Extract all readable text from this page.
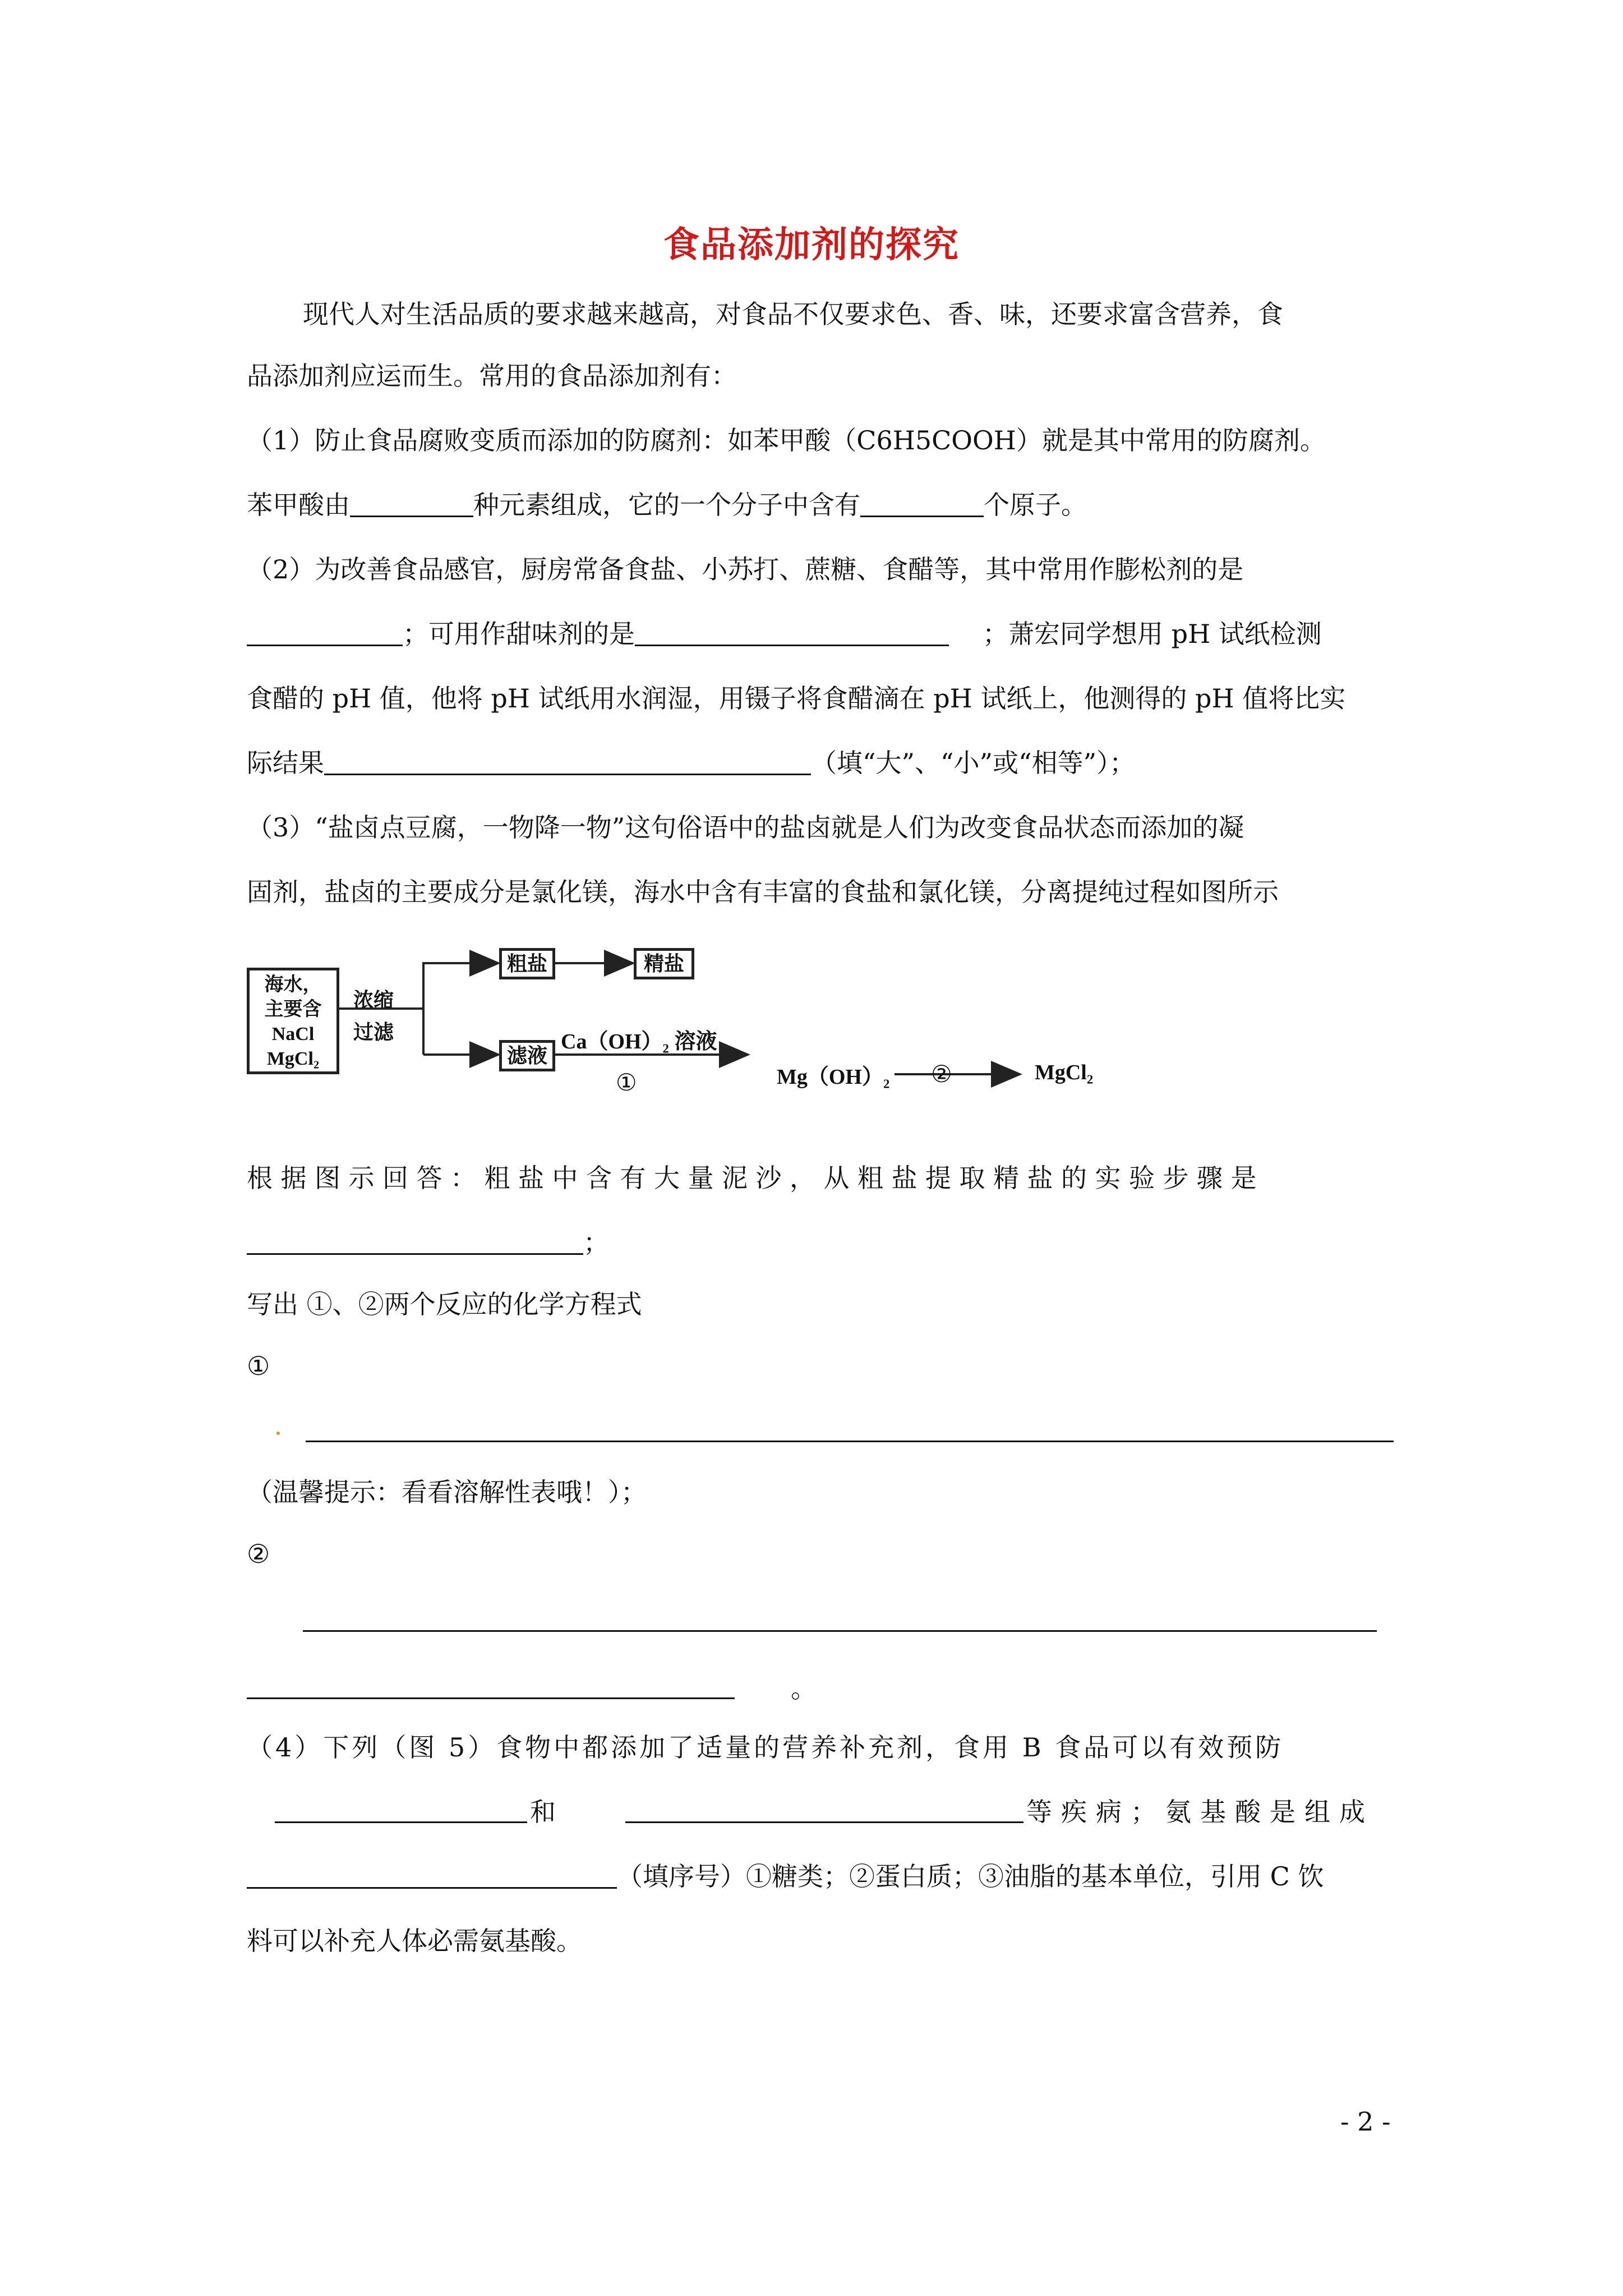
食品添加剂的探究
现代人对生活品质的要求越来越高，对食品不仅要求色、香、味，还要求富含营养，食
品添加剂应运而生。常用的食品添加剂有：
（1）防止食品腐败变质而添加的防腐剂：如苯甲酸（C6H5COOH）就是其中常用的防腐剂。
苯甲酸由	种元素组成，它的一个分子中含有	个原子。
（2）为改善食品感官，厨房常备食盐、小苏打、蔗糖、食醋等，其中常用作膨松剂的是
；可用作甜味剂的是	；萧宏同学想用 pH 试纸检测
食醋的 pH 值，他将 pH 试纸用水润湿，用镊子将食醋滴在 pH 试纸上，他测得的 pH 值将比实
际结果	（填“大”、“小”或“相等”）；
（3）“盐卤点豆腐，一物降一物”这句俗语中的盐卤就是人们为改变食品状态而添加的凝
固剂，盐卤的主要成分是氯化镁，海水中含有丰富的食盐和氯化镁，分离提纯过程如图所示
海水，
主要含
NaCl
MgCl₂
浓缩
过滤
粗盐	精盐
滤液
Ca（OH）₂ 溶液
①	Mg（OH）₂ ②	MgCl₂
根据图示回答：粗盐中含有大量泥沙，从粗盐提取精盐的实验步骤是
；
写出 ①、②两个反应的化学方程式
①
（温馨提示：看看溶解性表哦！）；
②
。
（4）下列（图 5）食物中都添加了适量的营养补充剂，食用 B 食品可以有效预防
和	等疾病；氨基酸是组成
（填序号）①糖类；②蛋白质；③油脂的基本单位，引用 C 饮
料可以补充人体必需氨基酸。
- 2 -
